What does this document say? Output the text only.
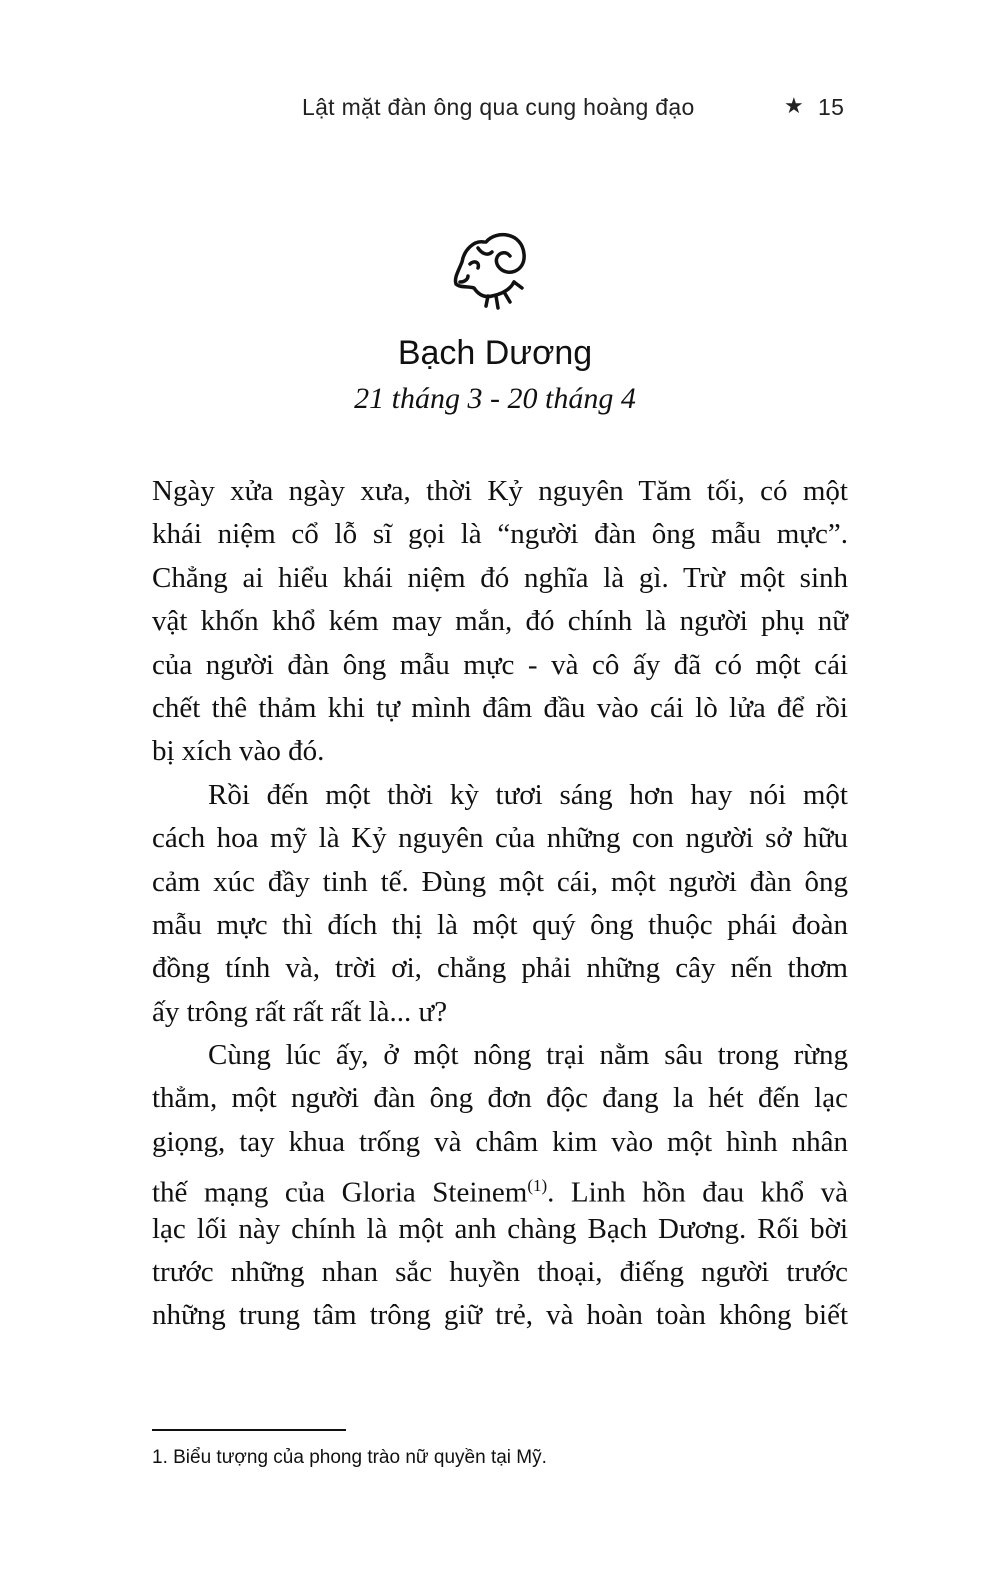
Lật mặt đàn ông qua cung hoàng đạo	★ 15
Bạch Dương
21 tháng 3 - 20 tháng 4
Ngày xửa ngày xưa, thời Kỷ nguyên Tăm tối, có một
khái niệm cổ lỗ sĩ gọi là “người đàn ông mẫu mực”.
Chẳng ai hiểu khái niệm đó nghĩa là gì. Trừ một sinh
vật khốn khổ kém may mắn, đó chính là người phụ nữ
của người đàn ông mẫu mực - và cô ấy đã có một cái
chết thê thảm khi tự mình đâm đầu vào cái lò lửa để rồi
bị xích vào đó.
Rồi đến một thời kỳ tươi sáng hơn hay nói một
cách hoa mỹ là Kỷ nguyên của những con người sở hữu
cảm xúc đầy tinh tế. Đùng một cái, một người đàn ông
mẫu mực thì đích thị là một quý ông thuộc phái đoàn
đồng tính và, trời ơi, chẳng phải những cây nến thơm
ấy trông rất rất rất là... ư?
Cùng lúc ấy, ở một nông trại nằm sâu trong rừng
thẳm, một người đàn ông đơn độc đang la hét đến lạc
giọng, tay khua trống và châm kim vào một hình nhân
thế mạng của Gloria Steinem$^{(1)}$. Linh hồn đau khổ và
lạc lối này chính là một anh chàng Bạch Dương. Rối bời
trước những nhan sắc huyền thoại, điếng người trước
những trung tâm trông giữ trẻ, và hoàn toàn không biết
1. Biểu tượng của phong trào nữ quyền tại Mỹ.
